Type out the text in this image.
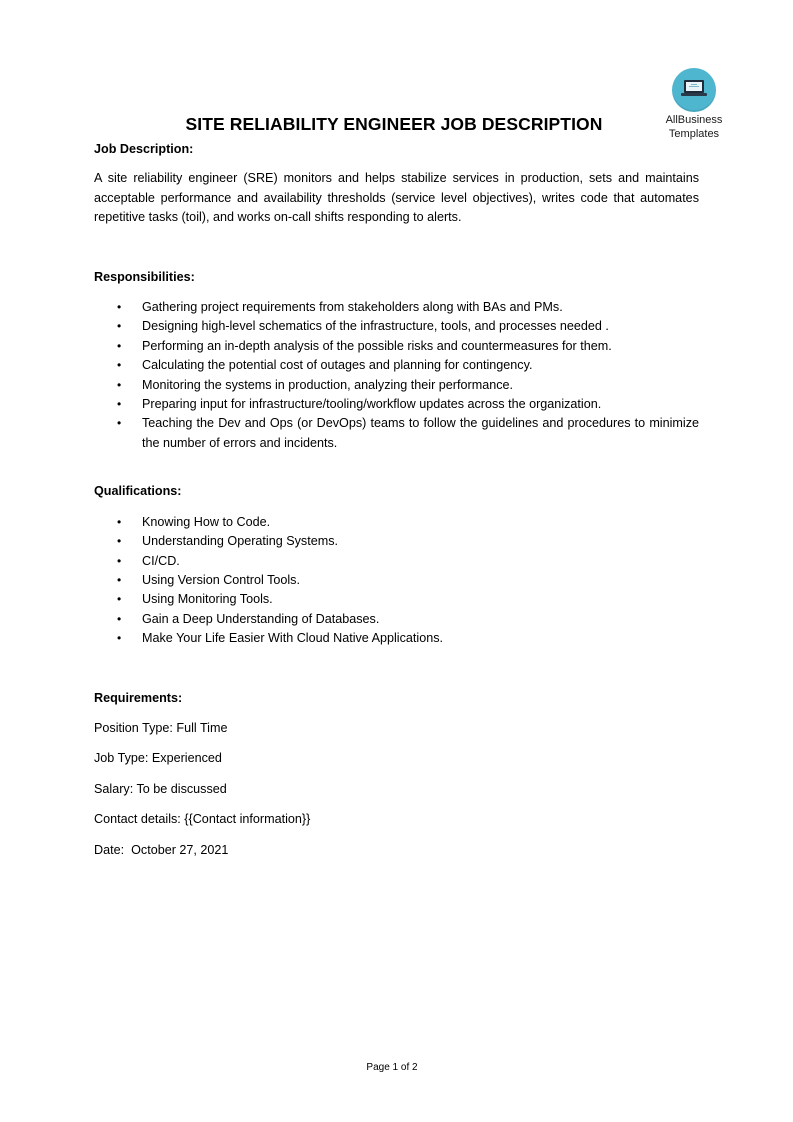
AllBusiness
Templates
SITE RELIABILITY ENGINEER JOB DESCRIPTION

Job Description:

A site reliability engineer (SRE) monitors and helps stabilize services in production, sets and maintains acceptable performance and availability thresholds (service level objectives), writes code that automates repetitive tasks (toil), and works on-call shifts responding to alerts.

Responsibilities:

• Gathering project requirements from stakeholders along with BAs and PMs.
• Designing high-level schematics of the infrastructure, tools, and processes needed .
• Performing an in-depth analysis of the possible risks and countermeasures for them.
• Calculating the potential cost of outages and planning for contingency.
• Monitoring the systems in production, analyzing their performance.
• Preparing input for infrastructure/tooling/workflow updates across the organization.
• Teaching the Dev and Ops (or DevOps) teams to follow the guidelines and procedures to minimize the number of errors and incidents.

Qualifications:

• Knowing How to Code.
• Understanding Operating Systems.
• CI/CD.
• Using Version Control Tools.
• Using Monitoring Tools.
• Gain a Deep Understanding of Databases.
• Make Your Life Easier With Cloud Native Applications.

Requirements:

Position Type: Full Time

Job Type: Experienced

Salary: To be discussed

Contact details: {{Contact information}}

Date:  October 27, 2021

Page 1 of 2
